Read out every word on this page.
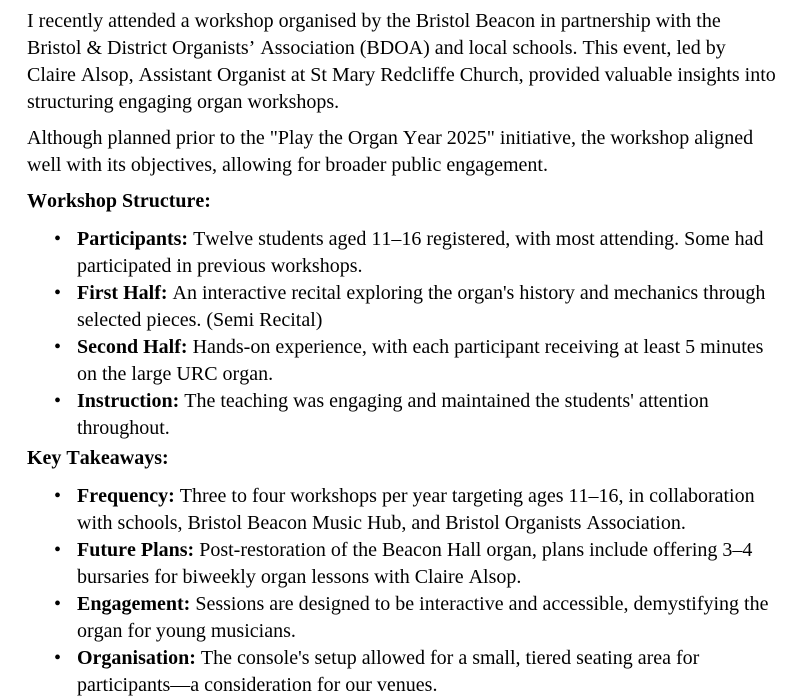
I recently attended a workshop organised by the Bristol Beacon in partnership with the Bristol & District Organists’ Association (BDOA) and local schools. This event, led by Claire Alsop, Assistant Organist at St Mary Redcliffe Church, provided valuable insights into structuring engaging organ workshops.

Although planned prior to the "Play the Organ Year 2025" initiative, the workshop aligned well with its objectives, allowing for broader public engagement.

Workshop Structure:
• Participants: Twelve students aged 11–16 registered, with most attending. Some had participated in previous workshops.
• First Half: An interactive recital exploring the organ's history and mechanics through selected pieces. (Semi Recital)
• Second Half: Hands-on experience, with each participant receiving at least 5 minutes on the large URC organ.
• Instruction: The teaching was engaging and maintained the students' attention throughout.
Key Takeaways:
• Frequency: Three to four workshops per year targeting ages 11–16, in collaboration with schools, Bristol Beacon Music Hub, and Bristol Organists Association.
• Future Plans: Post-restoration of the Beacon Hall organ, plans include offering 3–4 bursaries for biweekly organ lessons with Claire Alsop.
• Engagement: Sessions are designed to be interactive and accessible, demystifying the organ for young musicians.
• Organisation: The console's setup allowed for a small, tiered seating area for participants—a consideration for our venues.
